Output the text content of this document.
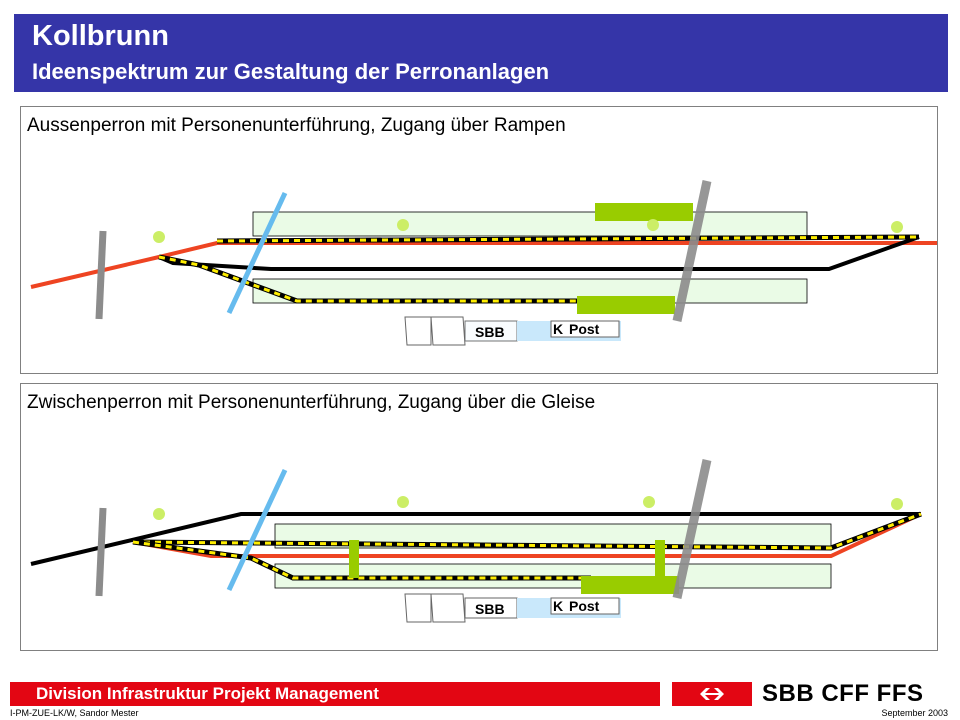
Kollbrunn
Ideenspektrum zur Gestaltung der Perronanlagen
Aussenperron mit Personenunterführung, Zugang über Rampen
SBB	K Post
Zwischenperron mit Personenunterführung, Zugang über die Gleise
SBB	K Post
Division Infrastruktur Projekt Management
I-PM-ZUE-LK/W, Sandor Mester	September 2003
SBB CFF FFS
